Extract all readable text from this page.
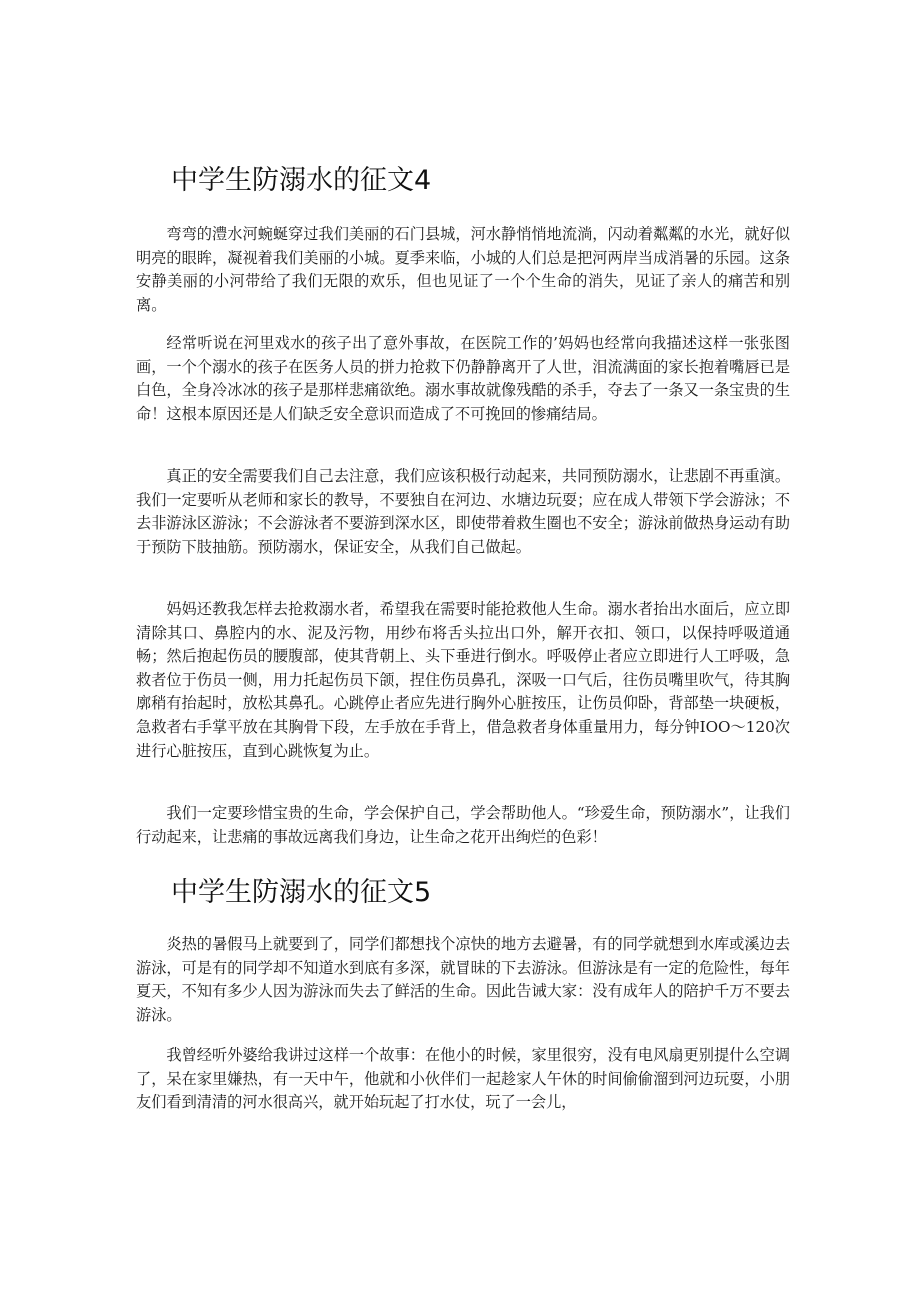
中学生防溺水的征文4

弯弯的澧水河蜿蜒穿过我们美丽的石门县城，河水静悄悄地流淌，闪动着粼粼的水光，就好似明亮的眼眸，凝视着我们美丽的小城。夏季来临，小城的人们总是把河两岸当成消暑的乐园。这条安静美丽的小河带给了我们无限的欢乐，但也见证了一个个生命的消失，见证了亲人的痛苦和别离。

经常听说在河里戏水的孩子出了意外事故，在医院工作的’妈妈也经常向我描述这样一张张图画，一个个溺水的孩子在医务人员的拼力抢救下仍静静离开了人世，泪流满面的家长抱着嘴唇已是白色，全身冷冰冰的孩子是那样悲痛欲绝。溺水事故就像残酷的杀手，夺去了一条又一条宝贵的生命！这根本原因还是人们缺乏安全意识而造成了不可挽回的惨痛结局。

真正的安全需要我们自己去注意，我们应该积极行动起来，共同预防溺水，让悲剧不再重演。我们一定要听从老师和家长的教导，不要独自在河边、水塘边玩耍；应在成人带领下学会游泳；不去非游泳区游泳；不会游泳者不要游到深水区，即使带着救生圈也不安全；游泳前做热身运动有助于预防下肢抽筋。预防溺水，保证安全，从我们自己做起。

妈妈还教我怎样去抢救溺水者，希望我在需要时能抢救他人生命。溺水者抬出水面后，应立即清除其口、鼻腔内的水、泥及污物，用纱布将舌头拉出口外，解开衣扣、领口，以保持呼吸道通畅；然后抱起伤员的腰腹部，使其背朝上、头下垂进行倒水。呼吸停止者应立即进行人工呼吸，急救者位于伤员一侧，用力托起伤员下颌，捏住伤员鼻孔，深吸一口气后，往伤员嘴里吹气，待其胸廓稍有抬起时，放松其鼻孔。心跳停止者应先进行胸外心脏按压，让伤员仰卧，背部垫一块硬板，急救者右手掌平放在其胸骨下段，左手放在手背上，借急救者身体重量用力，每分钟IOO～120次进行心脏按压，直到心跳恢复为止。

我们一定要珍惜宝贵的生命，学会保护自己，学会帮助他人。“珍爱生命，预防溺水”，让我们行动起来，让悲痛的事故远离我们身边，让生命之花开出绚烂的色彩！

中学生防溺水的征文5

炎热的暑假马上就要到了，同学们都想找个凉快的地方去避暑，有的同学就想到水库或溪边去游泳，可是有的同学却不知道水到底有多深，就冒昧的下去游泳。但游泳是有一定的危险性，每年夏天，不知有多少人因为游泳而失去了鲜活的生命。因此告诫大家：没有成年人的陪护千万不要去游泳。

我曾经听外婆给我讲过这样一个故事：在他小的时候，家里很穷，没有电风扇更别提什么空调了，呆在家里嫌热，有一天中午，他就和小伙伴们一起趁家人午休的时间偷偷溜到河边玩耍，小朋友们看到清清的河水很高兴，就开始玩起了打水仗，玩了一会儿，
